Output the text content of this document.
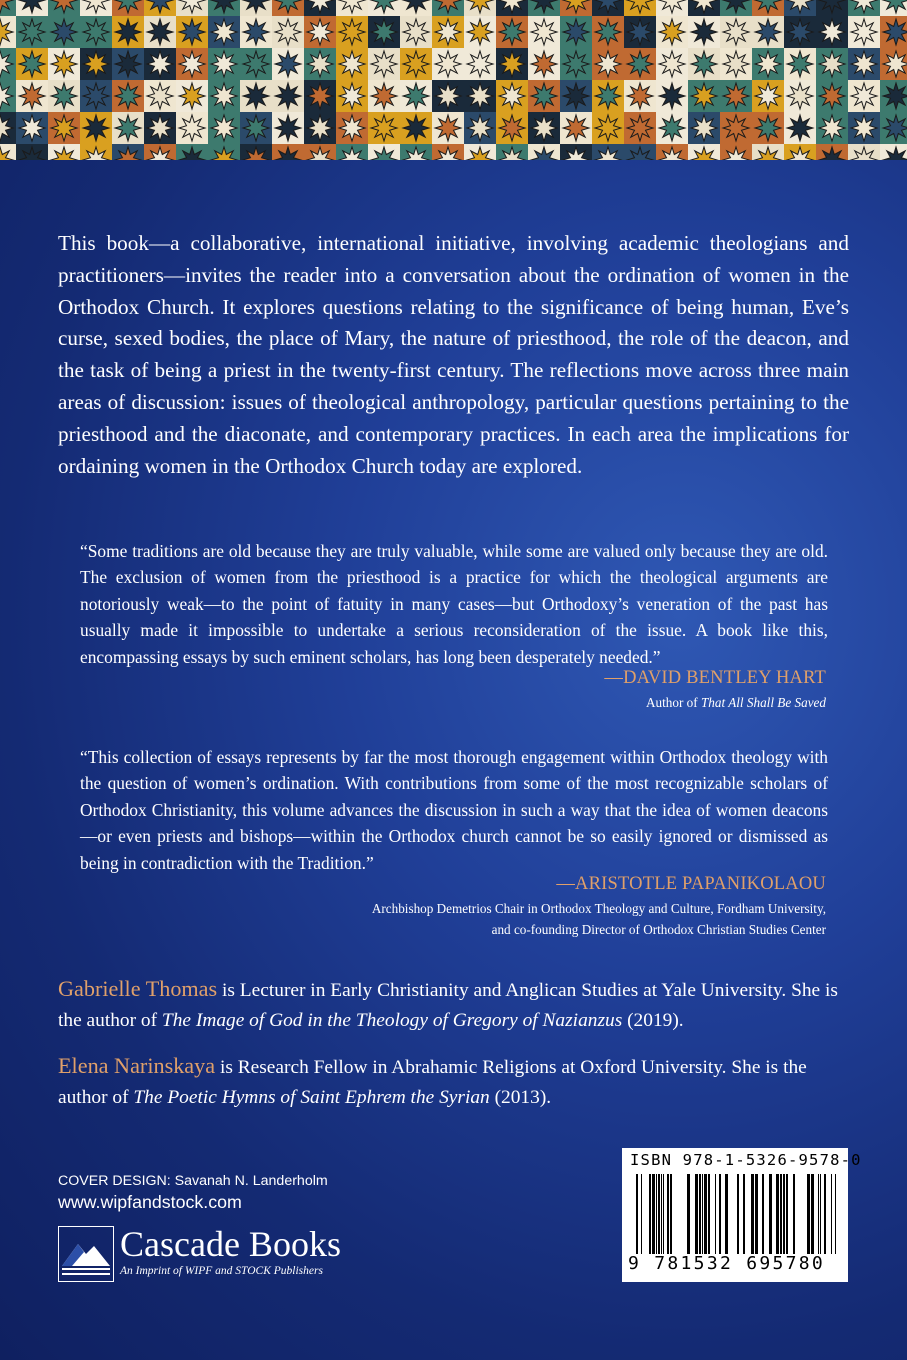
This book—a collaborative, international initiative, involving academic theologians and practitioners—invites the reader into a conversation about the ordination of women in the Orthodox Church. It explores questions relating to the significance of being human, Eve’s curse, sexed bodies, the place of Mary, the nature of priesthood, the role of the deacon, and the task of being a priest in the twenty-first century. The reflections move across three main areas of discussion: issues of theological anthropology, particular questions pertaining to the priesthood and the diaconate, and contemporary practices. In each area the implications for ordaining women in the Orthodox Church today are explored.

“Some traditions are old because they are truly valuable, while some are valued only because they are old. The exclusion of women from the priesthood is a practice for which the theological arguments are notoriously weak—to the point of fatuity in many cases—but Orthodoxy’s veneration of the past has usually made it impossible to undertake a serious reconsideration of the issue. A book like this, encompassing essays by such eminent scholars, has long been desperately needed.”

—DAVID BENTLEY HART
Author of That All Shall Be Saved

“This collection of essays represents by far the most thorough engagement within Orthodox theology with the question of women’s ordination. With contributions from some of the most recognizable scholars of Orthodox Christianity, this volume advances the discussion in such a way that the idea of women deacons—or even priests and bishops—within the Orthodox church cannot be so easily ignored or dismissed as being in contradiction with the Tradition.”

—ARISTOTLE PAPANIKOLAOU
Archbishop Demetrios Chair in Orthodox Theology and Culture, Fordham University,
and co-founding Director of Orthodox Christian Studies Center

Gabrielle Thomas is Lecturer in Early Christianity and Anglican Studies at Yale University. She is the author of The Image of God in the Theology of Gregory of Nazianzus (2019).

Elena Narinskaya is Research Fellow in Abrahamic Religions at Oxford University. She is the author of The Poetic Hymns of Saint Ephrem the Syrian (2013).

COVER DESIGN: Savanah N. Landerholm
www.wipfandstock.com
Cascade Books
An Imprint of WIPF and STOCK Publishers
ISBN 978-1-5326-9578-0
9 781532 695780
